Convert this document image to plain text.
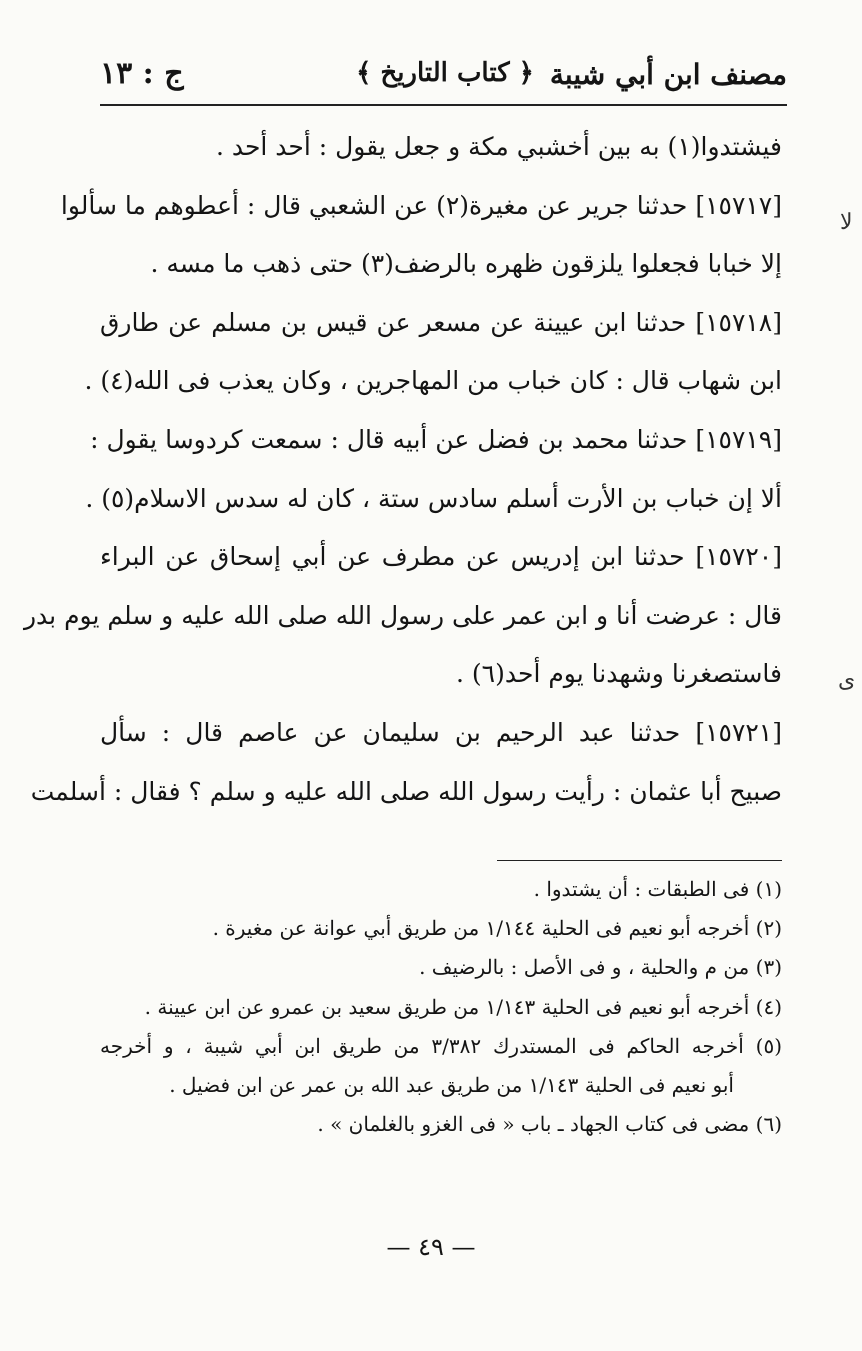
مصنف ابن أبي شيبة
﴿ كتاب التاريخ ﴾
ج : ١٣
فيشتدوا(١) به بين أخشبي مكة و جعل يقول : أحد أحد .
[١٥٧١٧] حدثنا جرير عن مغيرة(٢) عن الشعبي قال : أعطوهم ما سألوا
إلا خبابا فجعلوا يلزقون ظهره بالرضف(٣) حتى ذهب ما مسه .
[١٥٧١٨] حدثنا ابن عيينة عن مسعر عن قيس بن مسلم عن طارق
ابن شهاب قال : كان خباب من المهاجرين ، وكان يعذب فى الله(٤) .
[١٥٧١٩] حدثنا محمد بن فضل عن أبيه قال : سمعت كردوسا يقول :
ألا إن خباب بن الأرت أسلم سادس ستة ، كان له سدس الاسلام(٥) .
[١٥٧٢٠] حدثنا ابن إدريس عن مطرف عن أبي إسحاق عن البراء
قال : عرضت أنا و ابن عمر على رسول الله صلى الله عليه و سلم يوم بدر
فاستصغرنا وشهدنا يوم أحد(٦) .
[١٥٧٢١] حدثنا عبد الرحيم بن سليمان عن عاصم قال : سأل
صبيح أبا عثمان : رأيت رسول الله صلى الله عليه و سلم ؟ فقال : أسلمت
(١) فى الطبقات : أن يشتدوا .
(٢) أخرجه أبو نعيم فى الحلية ١/١٤٤ من طريق أبي عوانة عن مغيرة .
(٣) من م والحلية ، و فى الأصل : بالرضيف .
(٤) أخرجه أبو نعيم فى الحلية ١/١٤٣ من طريق سعيد بن عمرو عن ابن عيينة .
(٥) أخرجه الحاكم فى المستدرك ٣/٣٨٢ من طريق ابن أبي شيبة ، و أخرجه
أبو نعيم فى الحلية ١/١٤٣ من طريق عبد الله بن عمر عن ابن فضيل .
(٦) مضى فى كتاب الجهاد ـ باب « فى الغزو بالغلمان » .
— ٤٩ —
ﻻ
ﻯ
